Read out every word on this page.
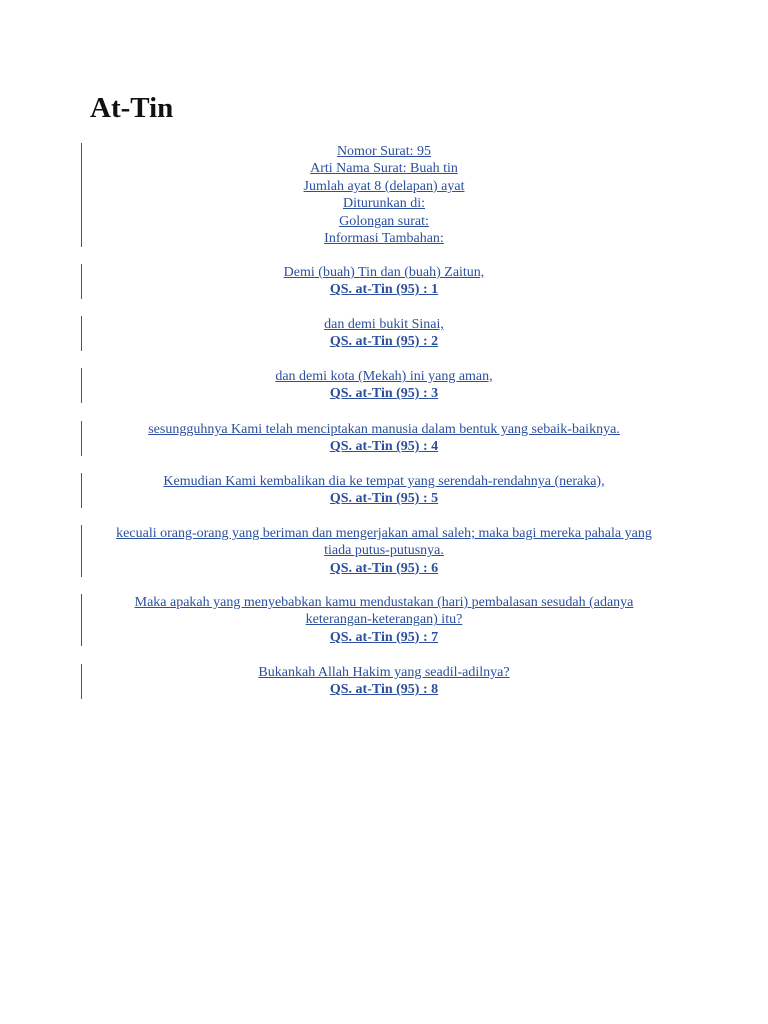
At-Tin

Nomor Surat: 95

Arti Nama Surat: Buah tin

Jumlah ayat 8 (delapan) ayat

Diturunkan di:

Golongan surat:

Informasi Tambahan:

Demi (buah) Tin dan (buah) Zaitun,

QS. at-Tin (95) : 1

dan demi bukit Sinai,

QS. at-Tin (95) : 2

dan demi kota (Mekah) ini yang aman,

QS. at-Tin (95) : 3

sesungguhnya Kami telah menciptakan manusia dalam bentuk yang sebaik-baiknya.

QS. at-Tin (95) : 4

Kemudian Kami kembalikan dia ke tempat yang serendah-rendahnya (neraka),

QS. at-Tin (95) : 5

kecuali orang-orang yang beriman dan mengerjakan amal saleh; maka bagi mereka pahala yang

tiada putus-putusnya.

QS. at-Tin (95) : 6

Maka apakah yang menyebabkan kamu mendustakan (hari) pembalasan sesudah (adanya

keterangan-keterangan) itu?

QS. at-Tin (95) : 7

Bukankah Allah Hakim yang seadil-adilnya?

QS. at-Tin (95) : 8
